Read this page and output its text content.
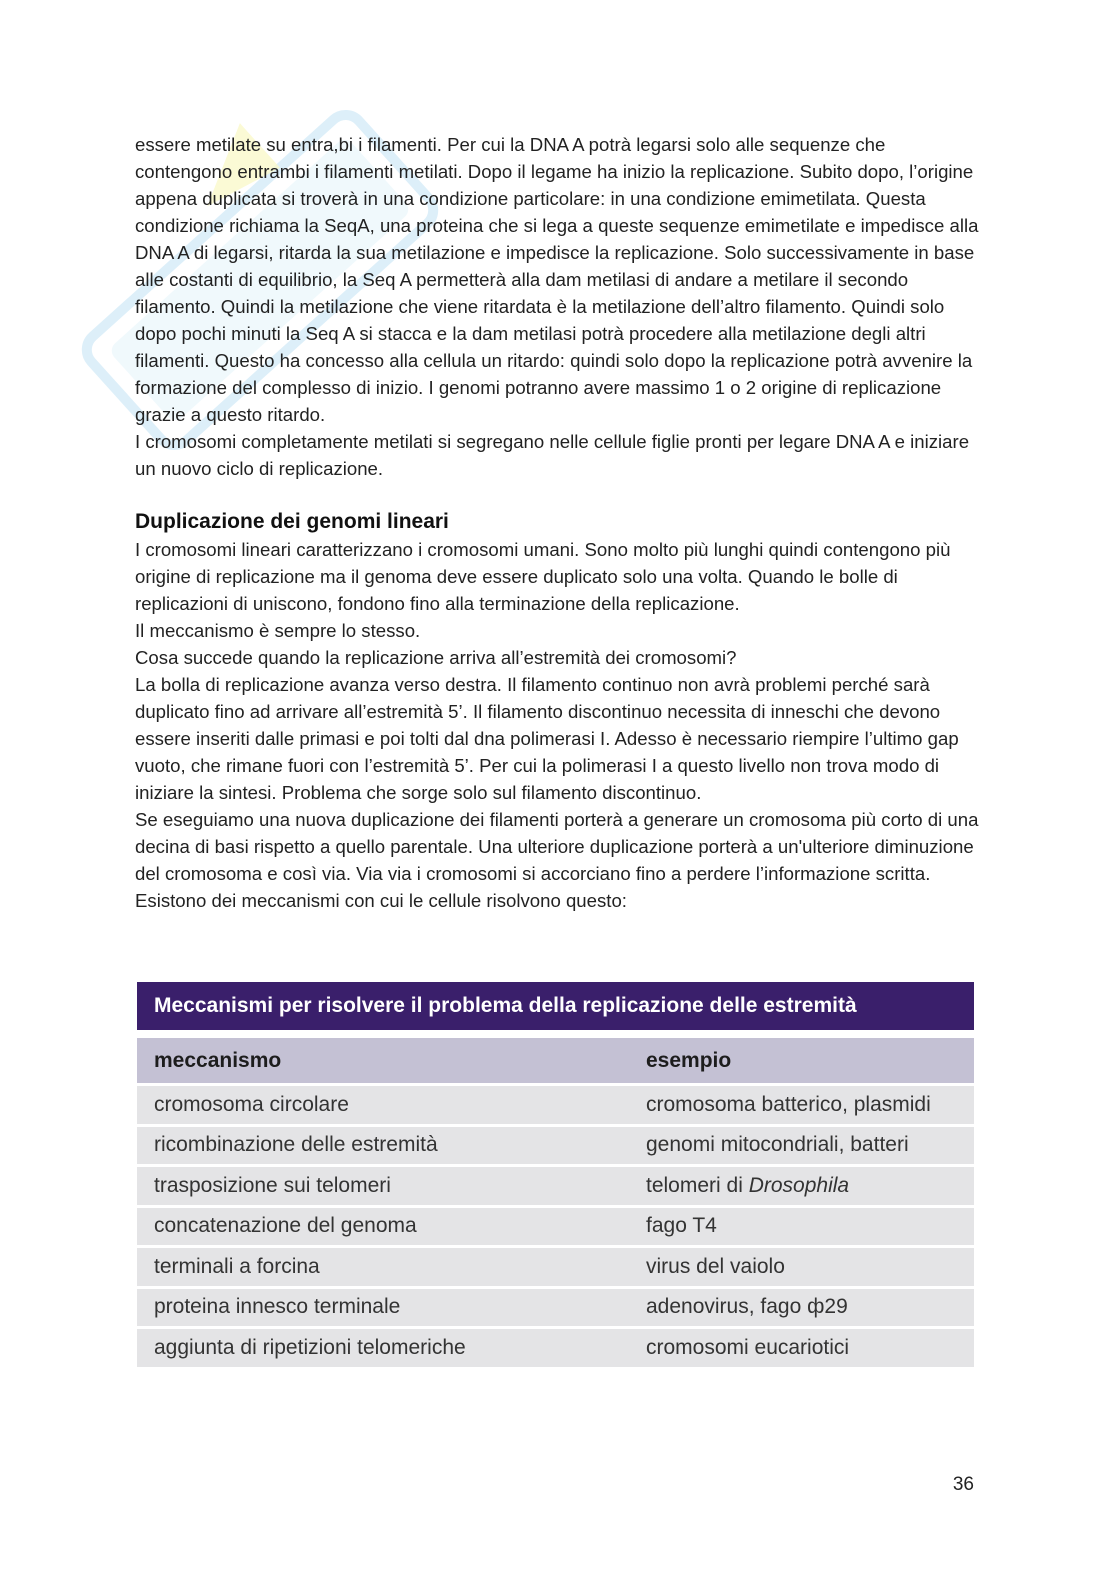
essere metilate su entra,bi i filamenti. Per cui la DNA A potrà legarsi solo alle sequenze che contengono entrambi i filamenti metilati. Dopo il legame ha inizio la replicazione. Subito dopo, l’origine appena duplicata si troverà in una condizione particolare: in una condizione emimetilata. Questa condizione richiama la SeqA, una proteina che si lega a queste sequenze emimetilate e impedisce alla DNA A di legarsi, ritarda la sua metilazione e impedisce la replicazione. Solo successivamente in base alle costanti di equilibrio, la Seq A permetterà alla dam metilasi di andare a metilare il secondo filamento. Quindi la metilazione che viene ritardata è la metilazione dell’altro filamento. Quindi solo dopo pochi minuti la Seq A si stacca e la dam metilasi potrà procedere alla metilazione degli altri filamenti. Questo ha concesso alla cellula un ritardo: quindi solo dopo la replicazione potrà avvenire la formazione del complesso di inizio. I genomi potranno avere massimo 1 o 2 origine di replicazione grazie a questo ritardo.

I cromosomi completamente metilati si segregano nelle cellule figlie pronti per legare DNA A e iniziare un nuovo ciclo di replicazione.

Duplicazione dei genomi lineari

I cromosomi lineari caratterizzano i cromosomi umani. Sono molto più lunghi quindi contengono più origine di replicazione ma il genoma deve essere duplicato solo una volta. Quando le bolle di replicazioni di uniscono, fondono fino alla terminazione della replicazione.

Il meccanismo è sempre lo stesso.

Cosa succede quando la replicazione arriva all’estremità dei cromosomi?

La bolla di replicazione avanza verso destra. Il filamento continuo non avrà problemi perché sarà duplicato fino ad arrivare all’estremità 5’. Il filamento discontinuo necessita di inneschi che devono essere inseriti dalle primasi e poi tolti dal dna polimerasi I. Adesso è necessario riempire l’ultimo gap vuoto, che rimane fuori con l’estremità 5’. Per cui la polimerasi I a questo livello non trova modo di iniziare la sintesi. Problema che sorge solo sul filamento discontinuo.

Se eseguiamo una nuova duplicazione dei filamenti porterà a generare un cromosoma più corto di una decina di basi rispetto a quello parentale. Una ulteriore duplicazione porterà a un'ulteriore diminuzione del cromosoma e così via. Via via i cromosomi si accorciano fino a perdere l’informazione scritta. Esistono dei meccanismi con cui le cellule risolvono questo:

Meccanismi per risolvere il problema della replicazione delle estremità
meccanismo	esempio
cromosoma circolare	cromosoma batterico, plasmidi
ricombinazione delle estremità	genomi mitocondriali, batteri
trasposizione sui telomeri	telomeri di Drosophila
concatenazione del genoma	fago T4
terminali a forcina	virus del vaiolo
proteina innesco terminale	adenovirus, fago ф29
aggiunta di ripetizioni telomeriche	cromosomi eucariotici
36
